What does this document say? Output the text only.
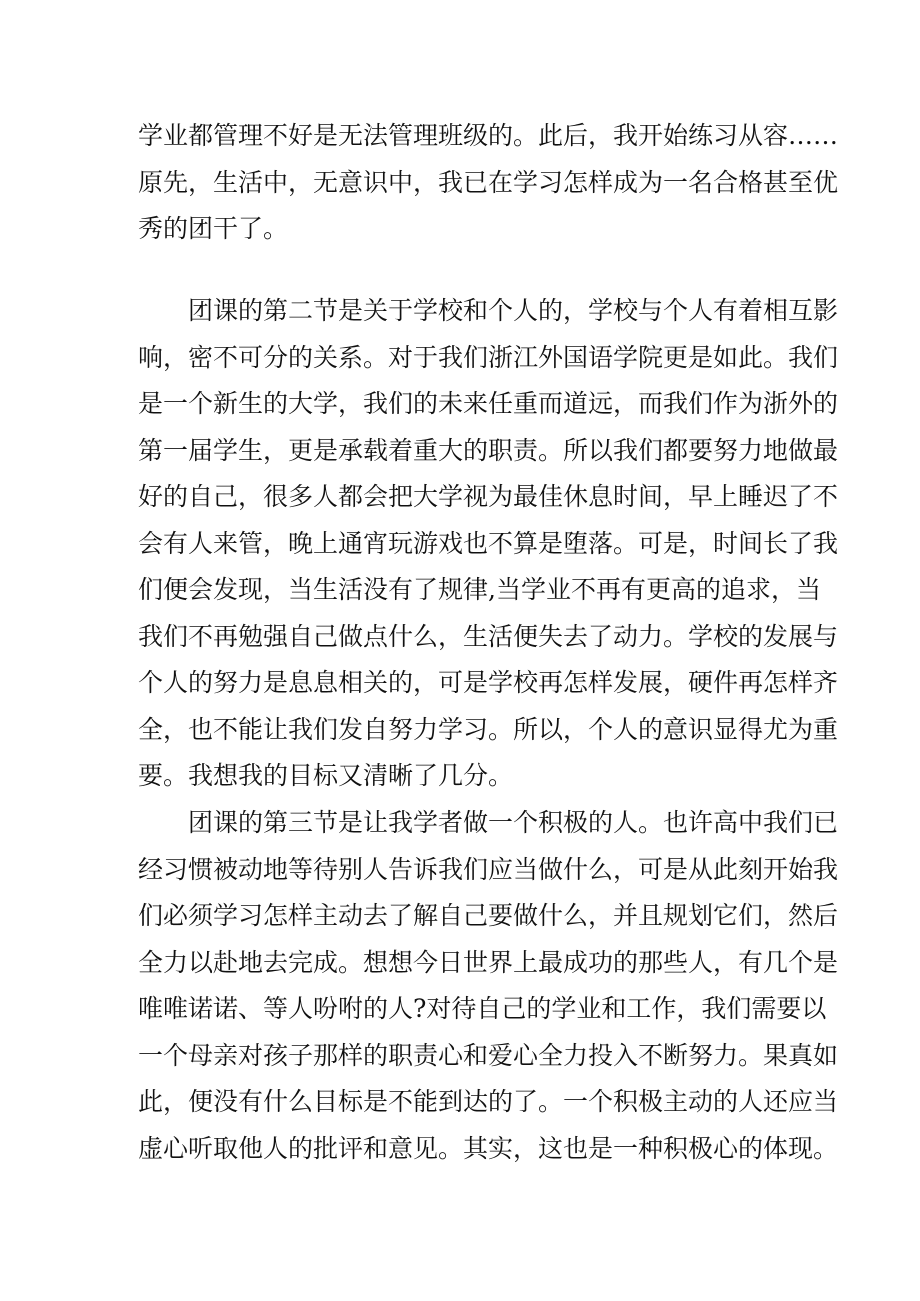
学业都管理不好是无法管理班级的。此后，我开始练习从容……
原先，生活中，无意识中，我已在学习怎样成为一名合格甚至优
秀的团干了。
团课的第二节是关于学校和个人的，学校与个人有着相互影
响，密不可分的关系。对于我们浙江外国语学院更是如此。我们
是一个新生的大学，我们的未来任重而道远，而我们作为浙外的
第一届学生，更是承载着重大的职责。所以我们都要努力地做最
好的自己，很多人都会把大学视为最佳休息时间，早上睡迟了不
会有人来管，晚上通宵玩游戏也不算是堕落。可是，时间长了我
们便会发现，当生活没有了规律,当学业不再有更高的追求，当
我们不再勉强自己做点什么，生活便失去了动力。学校的发展与
个人的努力是息息相关的，可是学校再怎样发展，硬件再怎样齐
全，也不能让我们发自努力学习。所以，个人的意识显得尤为重
要。我想我的目标又清晰了几分。
团课的第三节是让我学者做一个积极的人。也许高中我们已
经习惯被动地等待别人告诉我们应当做什么，可是从此刻开始我
们必须学习怎样主动去了解自己要做什么，并且规划它们，然后
全力以赴地去完成。想想今日世界上最成功的那些人，有几个是
唯唯诺诺、等人吩咐的人?对待自己的学业和工作，我们需要以
一个母亲对孩子那样的职责心和爱心全力投入不断努力。果真如
此，便没有什么目标是不能到达的了。一个积极主动的人还应当
虚心听取他人的批评和意见。其实，这也是一种积极心的体现。
